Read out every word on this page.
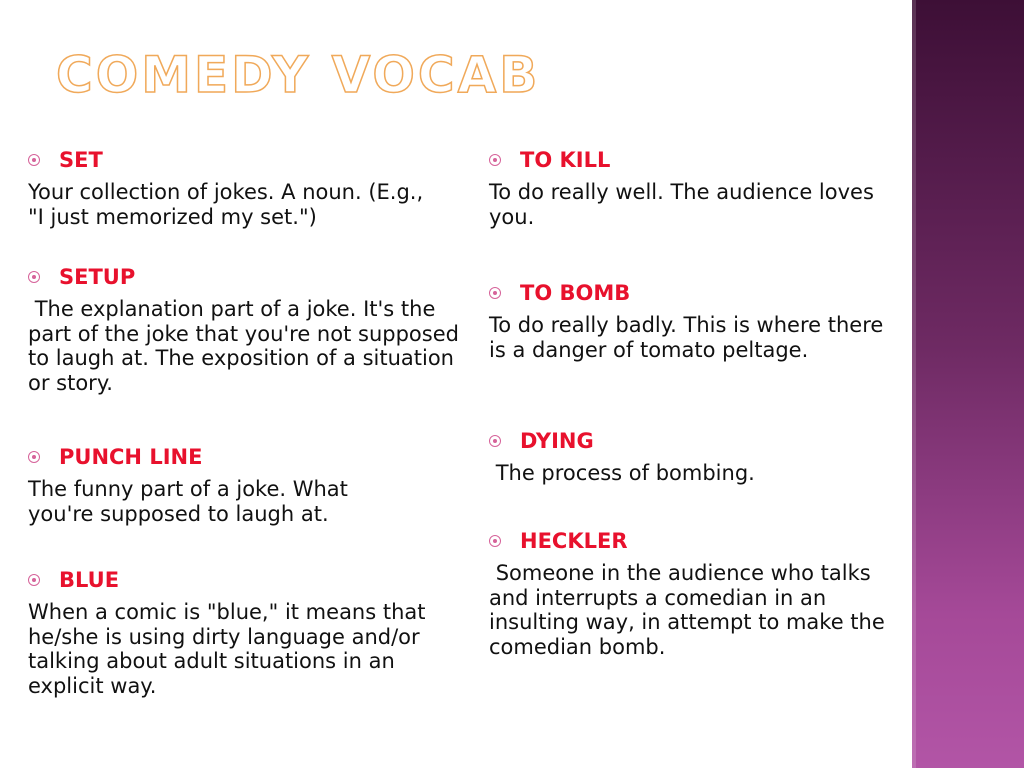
COMEDY VOCAB
SET

Your collection of jokes. A noun. (E.g., "I just memorized my set.")

SETUP

The explanation part of a joke. It's the part of the joke that you're not supposed to laugh at. The exposition of a situation or story.

PUNCH LINE

The funny part of a joke. What you're supposed to laugh at.

BLUE

When a comic is "blue," it means that he/she is using dirty language and/or talking about adult situations in an explicit way.

TO KILL

To do really well. The audience loves you.

TO BOMB

To do really badly. This is where there is a danger of tomato peltage.

DYING

The process of bombing.

HECKLER

Someone in the audience who talks and interrupts a comedian in an insulting way, in attempt to make the comedian bomb.
